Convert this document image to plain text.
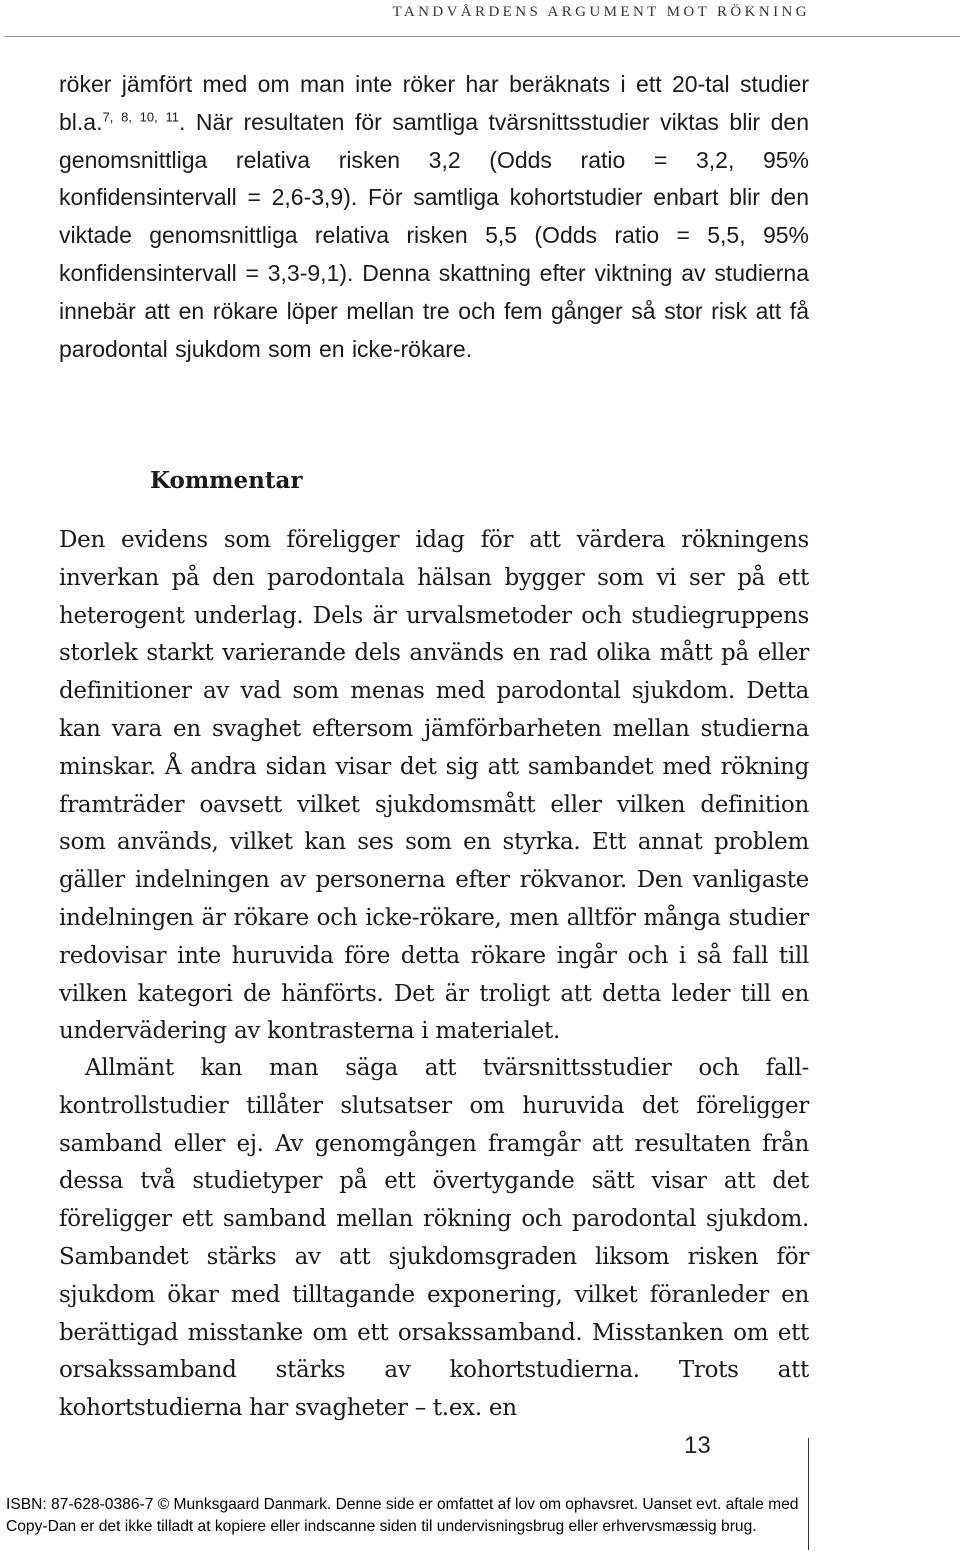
TANDVÅRDENS ARGUMENT MOT RÖKNING
röker jämfört med om man inte röker har beräknats i ett 20-tal studier bl.a.$^{7, 8, 10, 11}$. När resultaten för samtliga tvärsnittsstudier viktas blir den genomsnittliga relativa risken 3,2 (Odds ratio = 3,2, 95% konfidensintervall = 2,6-3,9). För samtliga kohortstudier enbart blir den viktade genomsnittliga relativa risken 5,5 (Odds ratio = 5,5, 95% konfidensintervall = 3,3-9,1). Denna skattning efter viktning av studierna innebär att en rökare löper mellan tre och fem gånger så stor risk att få parodontal sjukdom som en icke-rökare.
Kommentar
Den evidens som föreligger idag för att värdera rökningens inverkan på den parodontala hälsan bygger som vi ser på ett heterogent underlag. Dels är urvalsmetoder och studiegruppens storlek starkt varierande dels används en rad olika mått på eller definitioner av vad som menas med parodontal sjukdom. Detta kan vara en svaghet eftersom jämförbarheten mellan studierna minskar. Å andra sidan visar det sig att sambandet med rökning framträder oavsett vilket sjukdomsmått eller vilken definition som används, vilket kan ses som en styrka. Ett annat problem gäller indelningen av personerna efter rökvanor. Den vanligaste indelningen är rökare och icke-rökare, men alltför många studier redovisar inte huruvida före detta rökare ingår och i så fall till vilken kategori de hänförts. Det är troligt att detta leder till en undervädering av kontrasterna i materialet.
Allmänt kan man säga att tvärsnittsstudier och fall-kontrollstudier tillåter slutsatser om huruvida det föreligger samband eller ej. Av genomgången framgår att resultaten från dessa två studietyper på ett övertygande sätt visar att det föreligger ett samband mellan rökning och parodontal sjukdom. Sambandet stärks av att sjukdomsgraden liksom risken för sjukdom ökar med tilltagande exponering, vilket föranleder en berättigad misstanke om ett orsakssamband. Misstanken om ett orsakssamband stärks av kohortstudierna. Trots att kohortstudierna har svagheter – t.ex. en
13
ISBN: 87-628-0386-7 © Munksgaard Danmark. Denne side er omfattet af lov om ophavsret. Uanset evt. aftale med
Copy-Dan er det ikke tilladt at kopiere eller indscanne siden til undervisningsbrug eller erhvervsmæssig brug.
